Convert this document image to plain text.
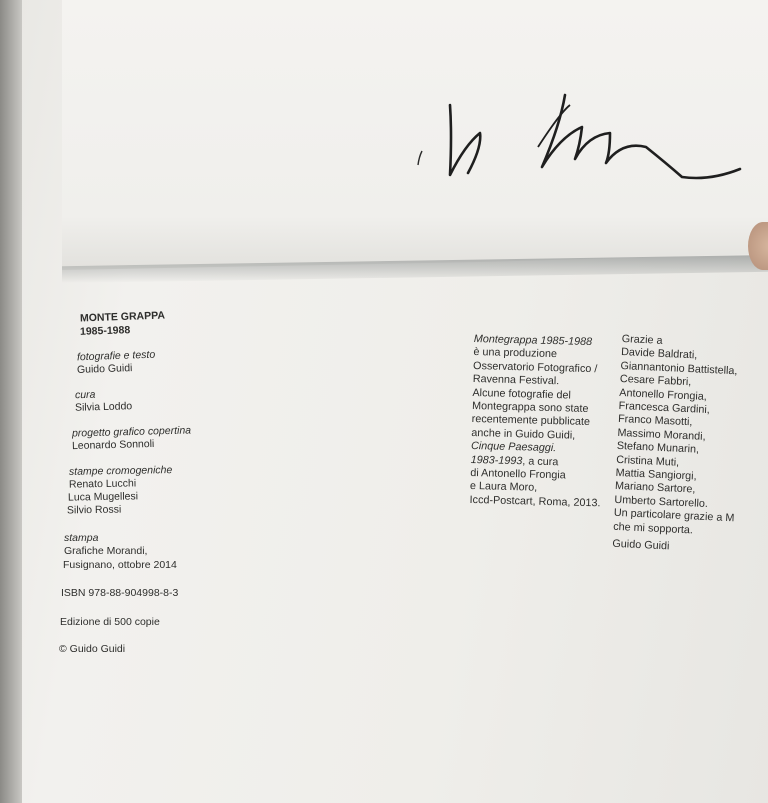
MONTE GRAPPA
1985-1988
fotografie e testo
Guido Guidi
cura
Silvia Loddo
progetto grafico copertina
Leonardo Sonnoli
stampe cromogeniche
Renato Lucchi
Luca Mugellesi
Silvio Rossi
stampa
Grafiche Morandi,
Fusignano, ottobre 2014
ISBN 978-88-904998-8-3
Edizione di 500 copie
© Guido Guidi
Montegrappa 1985-1988
è una produzione
Osservatorio Fotografico /
Ravenna Festival.
Alcune fotografie del
Montegrappa sono state
recentemente pubblicate
anche in Guido Guidi,
Cinque Paesaggi.
1983-1993, a cura
di Antonello Frongia
e Laura Moro,
Iccd-Postcart, Roma, 2013.
Grazie a
Davide Baldrati,
Giannantonio Battistella,
Cesare Fabbri,
Antonello Frongia,
Francesca Gardini,
Franco Masotti,
Massimo Morandi,
Stefano Munarin,
Cristina Muti,
Mattia Sangiorgi,
Mariano Sartore,
Umberto Sartorello.
Un particolare grazie a M
che mi sopporta.
Guido Guidi
